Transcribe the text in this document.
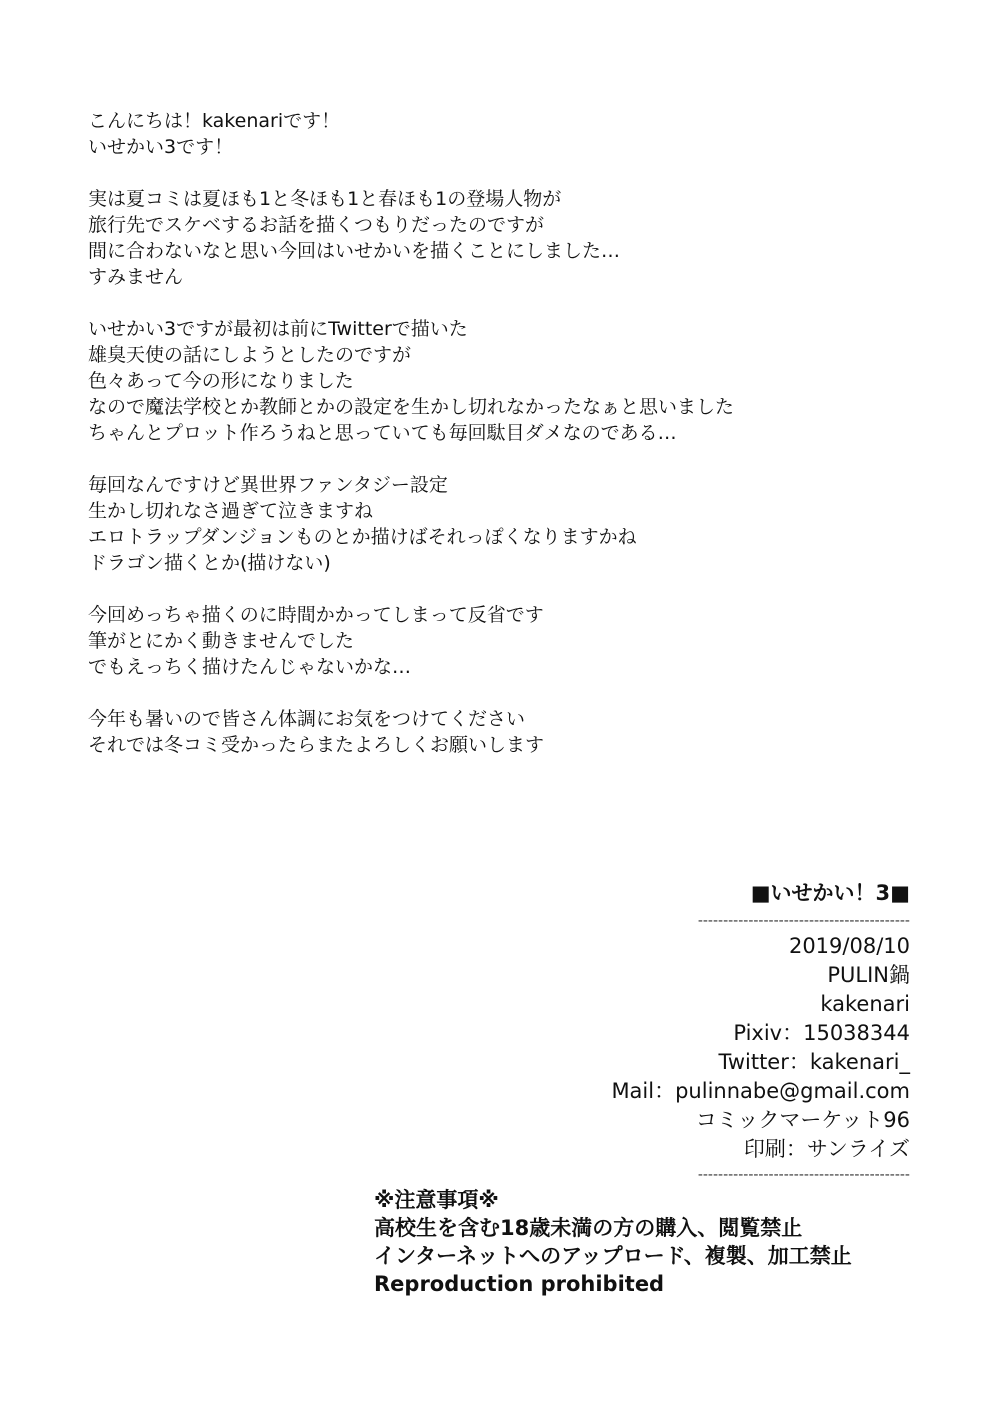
こんにちは！kakenariです！
いせかい3です！
実は夏コミは夏ほも1と冬ほも1と春ほも1の登場人物が
旅行先でスケベするお話を描くつもりだったのですが
間に合わないなと思い今回はいせかいを描くことにしました…
すみません
いせかい3ですが最初は前にTwitterで描いた
雄臭天使の話にしようとしたのですが
色々あって今の形になりました
なので魔法学校とか教師とかの設定を生かし切れなかったなぁと思いました
ちゃんとプロット作ろうねと思っていても毎回駄目ダメなのである…
毎回なんですけど異世界ファンタジー設定
生かし切れなさ過ぎて泣きますね
エロトラップダンジョンものとか描けばそれっぽくなりますかね
ドラゴン描くとか(描けない)
今回めっちゃ描くのに時間かかってしまって反省です
筆がとにかく動きませんでした
でもえっちく描けたんじゃないかな…
今年も暑いので皆さん体調にお気をつけてください
それでは冬コミ受かったらまたよろしくお願いします
■いせかい！3■
------------------------------------------
2019/08/10
PULIN鍋
kakenari
Pixiv：15038344
Twitter：kakenari_
Mail：pulinnabe@gmail.com
コミックマーケット96
印刷：サンライズ
------------------------------------------
※注意事項※
高校生を含む18歳未満の方の購入、閲覧禁止
インターネットへのアップロード、複製、加工禁止
Reproduction prohibited
